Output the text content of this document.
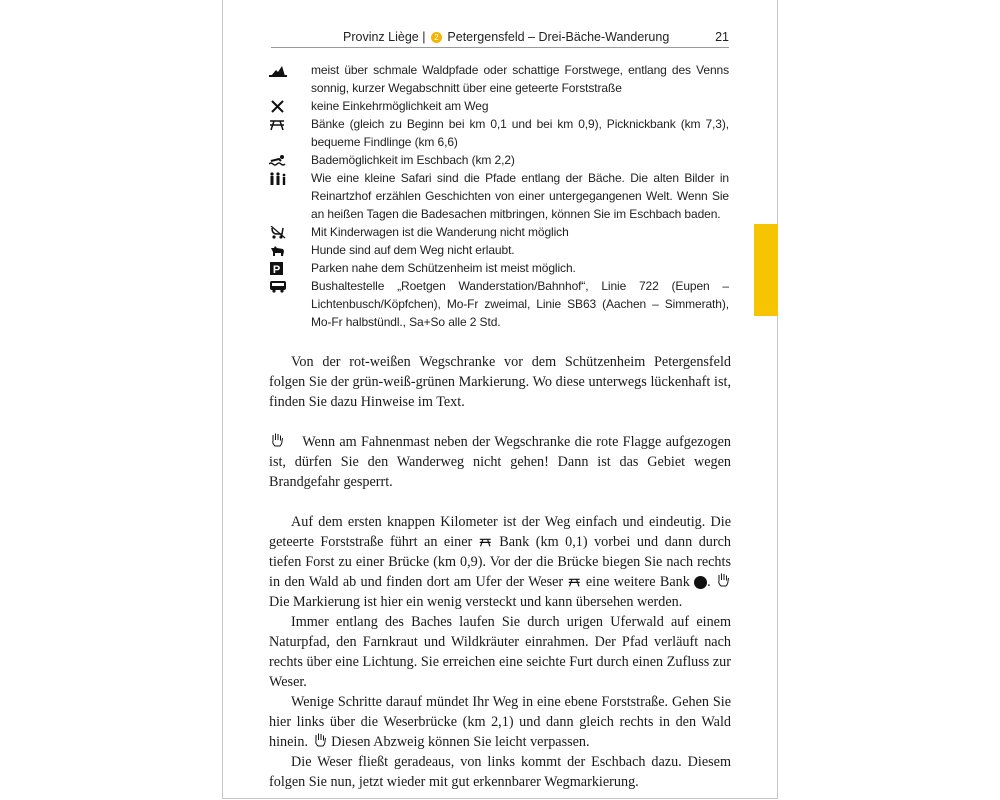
Provinz Liège | 2 Petergensfeld – Drei-Bäche-Wanderung	21
meist über schmale Waldpfade oder schattige Forstwege, entlang des Venns sonnig, kurzer Wegabschnitt über eine geteerte Forststraße
keine Einkehrmöglichkeit am Weg
Bänke (gleich zu Beginn bei km 0,1 und bei km 0,9), Picknickbank (km 7,3), bequeme Findlinge (km 6,6)
Bademöglichkeit im Eschbach (km 2,2)
Wie eine kleine Safari sind die Pfade entlang der Bäche. Die alten Bilder in Reinartzhof erzählen Geschichten von einer untergegangenen Welt. Wenn Sie an heißen Tagen die Badesachen mitbringen, können Sie im Eschbach baden.
Mit Kinderwagen ist die Wanderung nicht möglich
Hunde sind auf dem Weg nicht erlaubt.
P	Parken nahe dem Schützenheim ist meist möglich.
Bushaltestelle „Roetgen Wanderstation/Bahnhof“, Linie 722 (Eupen – Lichtenbusch/Köpfchen), Mo-Fr zweimal, Linie SB63 (Aachen – Simmerath), Mo-Fr halbstündl., Sa+So alle 2 Std.

Von der rot-weißen Wegschranke vor dem Schützenheim Petergensfeld folgen Sie der grün-weiß-grünen Markierung. Wo diese unterwegs lückenhaft ist, finden Sie dazu Hinweise im Text.

Wenn am Fahnenmast neben der Wegschranke die rote Flagge aufgezogen ist, dürfen Sie den Wanderweg nicht gehen! Dann ist das Gebiet wegen Brandgefahr gesperrt.

Auf dem ersten knappen Kilometer ist der Weg einfach und eindeutig. Die geteerte Forststraße führt an einer  Bank (km 0,1) vorbei und dann durch tiefen Forst zu einer Brücke (km 0,9). Vor der die Brücke biegen Sie nach rechts in den Wald ab und finden dort am Ufer der Weser  eine weitere Bank 1.  Die Markierung ist hier ein wenig versteckt und kann übersehen werden.

Immer entlang des Baches laufen Sie durch urigen Uferwald auf einem Naturpfad, den Farnkraut und Wildkräuter einrahmen. Der Pfad verläuft nach rechts über eine Lichtung. Sie erreichen eine seichte Furt durch einen Zufluss zur Weser.

Wenige Schritte darauf mündet Ihr Weg in eine ebene Forststraße. Gehen Sie hier links über die Weserbrücke (km 2,1) und dann gleich rechts in den Wald hinein.  Diesen Abzweig können Sie leicht verpassen.

Die Weser fließt geradeaus, von links kommt der Eschbach dazu. Diesem folgen Sie nun, jetzt wieder mit gut erkennbarer Wegmarkierung.
